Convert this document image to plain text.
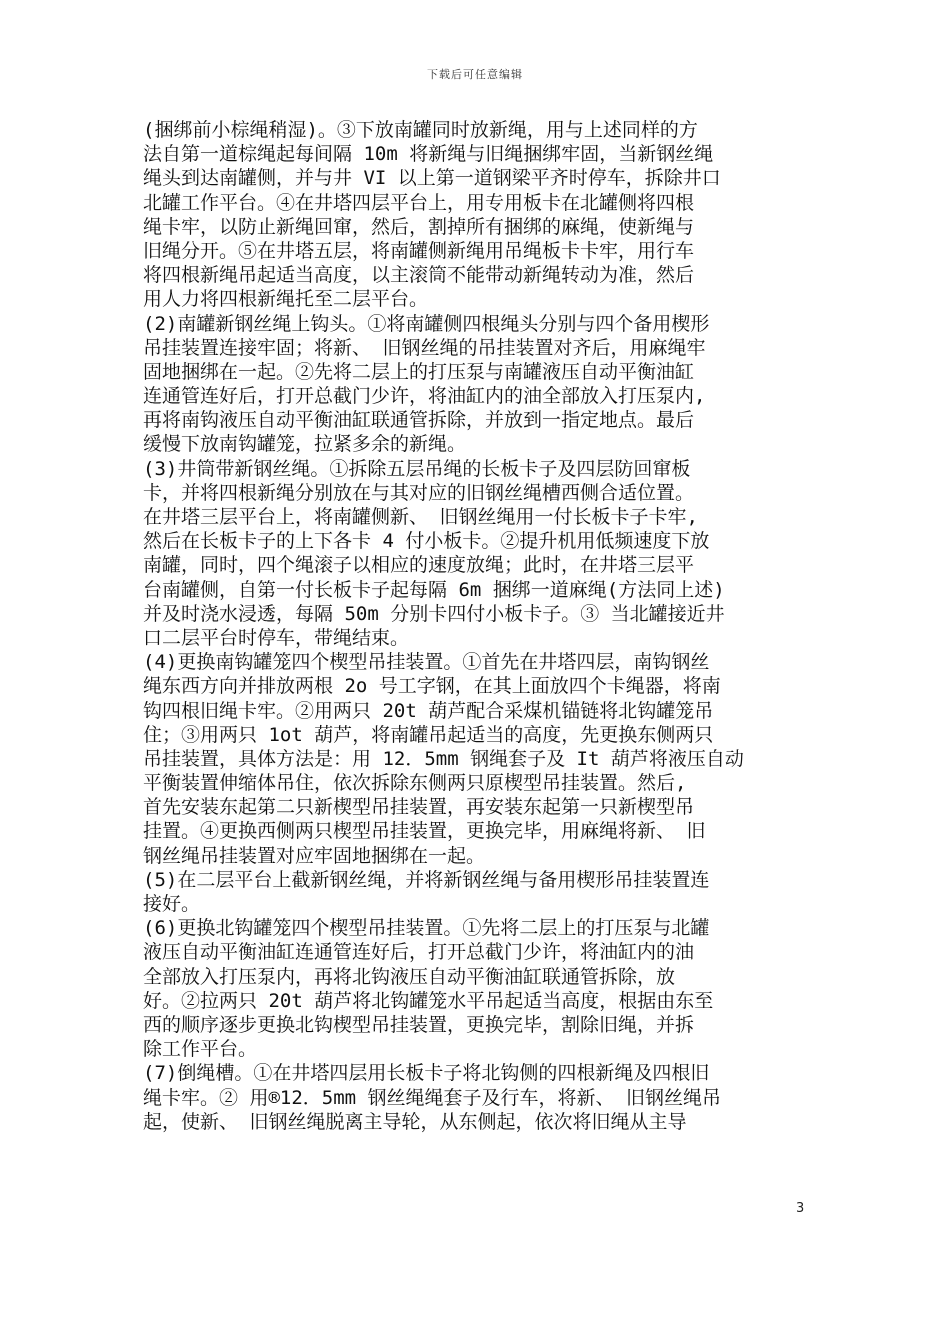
下载后可任意编辑
(捆绑前小棕绳稍湿)。③下放南罐同时放新绳，用与上述同样的方
法自第一道棕绳起每间隔 10m 将新绳与旧绳捆绑牢固，当新钢丝绳
绳头到达南罐侧，并与井 VI 以上第一道钢梁平齐时停车，拆除井口
北罐工作平台。④在井塔四层平台上，用专用板卡在北罐侧将四根
绳卡牢，以防止新绳回窜，然后，割掉所有捆绑的麻绳，使新绳与
旧绳分开。⑤在井塔五层，将南罐侧新绳用吊绳板卡卡牢，用行车
将四根新绳吊起适当高度，以主滚筒不能带动新绳转动为准，然后
用人力将四根新绳托至二层平台。
(2)南罐新钢丝绳上钩头。①将南罐侧四根绳头分别与四个备用楔形
吊挂装置连接牢固；将新、 旧钢丝绳的吊挂装置对齐后，用麻绳牢
固地捆绑在一起。②先将二层上的打压泵与南罐液压自动平衡油缸
连通管连好后，打开总截门少许，将油缸内的油全部放入打压泵内,
再将南钩液压自动平衡油缸联通管拆除，并放到一指定地点。最后
缓慢下放南钩罐笼，拉紧多余的新绳。
(3)井筒带新钢丝绳。①拆除五层吊绳的长板卡子及四层防回窜板
卡，并将四根新绳分别放在与其对应的旧钢丝绳槽西侧合适位置。
在井塔三层平台上，将南罐侧新、 旧钢丝绳用一付长板卡子卡牢,
然后在长板卡子的上下各卡 4 付小板卡。②提升机用低频速度下放
南罐，同时，四个绳滚子以相应的速度放绳；此时，在井塔三层平
台南罐侧，自第一付长板卡子起每隔 6m 捆绑一道麻绳(方法同上述)
并及时浇水浸透，每隔 50m 分别卡四付小板卡子。③ 当北罐接近井
口二层平台时停车，带绳结束。
(4)更换南钩罐笼四个楔型吊挂装置。①首先在井塔四层，南钩钢丝
绳东西方向并排放两根 2o 号工字钢，在其上面放四个卡绳器，将南
钩四根旧绳卡牢。②用两只 20t 葫芦配合采煤机锚链将北钩罐笼吊
住；③用两只 1ot 葫芦，将南罐吊起适当的高度，先更换东侧两只
吊挂装置，具体方法是：用 12．5mm 钢绳套子及 It 葫芦将液压自动
平衡装置伸缩体吊住，依次拆除东侧两只原楔型吊挂装置。然后,
首先安装东起第二只新楔型吊挂装置，再安装东起第一只新楔型吊
挂置。④更换西侧两只楔型吊挂装置，更换完毕，用麻绳将新、 旧
钢丝绳吊挂装置对应牢固地捆绑在一起。
(5)在二层平台上截新钢丝绳，并将新钢丝绳与备用楔形吊挂装置连
接好。
(6)更换北钩罐笼四个楔型吊挂装置。①先将二层上的打压泵与北罐
液压自动平衡油缸连通管连好后，打开总截门少许，将油缸内的油
全部放入打压泵内，再将北钩液压自动平衡油缸联通管拆除，放
好。②拉两只 20t 葫芦将北钩罐笼水平吊起适当高度，根据由东至
西的顺序逐步更换北钩楔型吊挂装置，更换完毕，割除旧绳，并拆
除工作平台。
(7)倒绳槽。①在井塔四层用长板卡子将北钩侧的四根新绳及四根旧
绳卡牢。② 用®12．5mm 钢丝绳绳套子及行车，将新、 旧钢丝绳吊
起，使新、 旧钢丝绳脱离主导轮，从东侧起，依次将旧绳从主导
3
